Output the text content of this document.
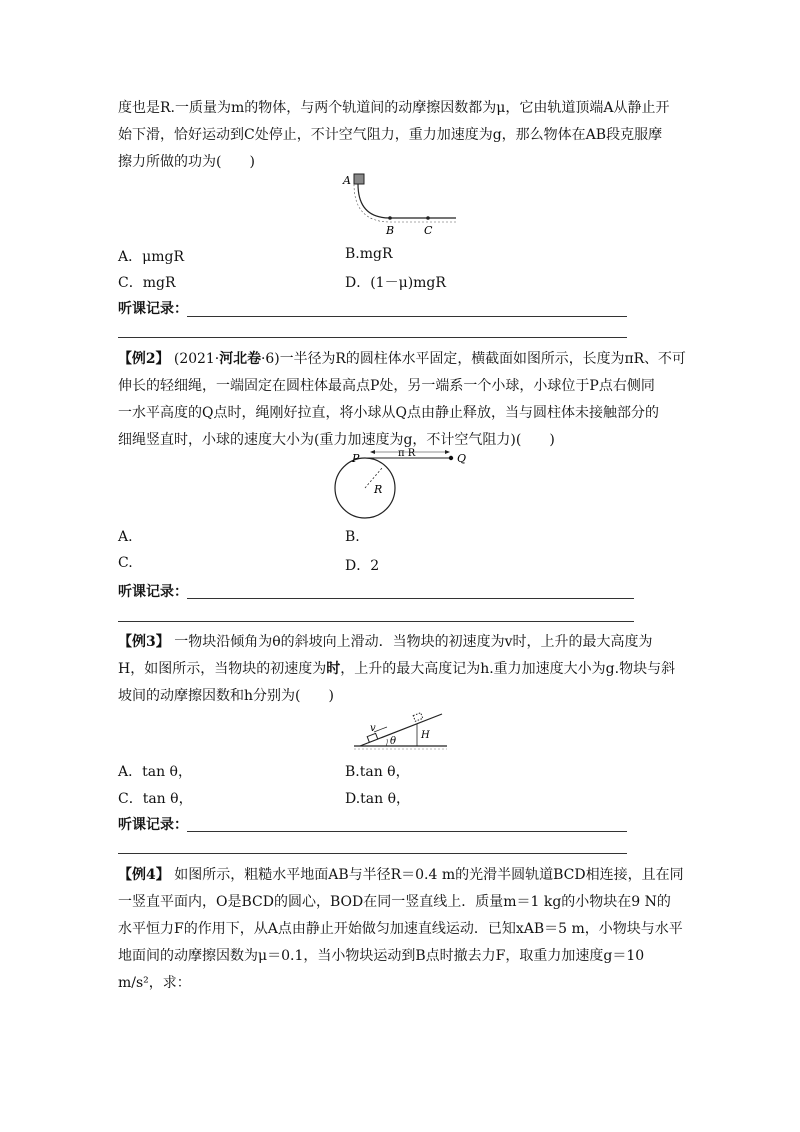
度也是R.一质量为m的物体，与两个轨道间的动摩擦因数都为μ，它由轨道顶端A从静止开
始下滑，恰好运动到C处停止，不计空气阻力，重力加速度为g，那么物体在AB段克服摩
擦力所做的功为(　　)
A
B	C
A．μmgR	B.mgR
C．mgR	D．(1－μ)mgR
听课记录：
【例2】 (2021·河北卷·6)一半径为R的圆柱体水平固定，横截面如图所示，长度为πR、不可
伸长的轻细绳，一端固定在圆柱体最高点P处，另一端系一个小球，小球位于P点右侧同
一水平高度的Q点时，绳刚好拉直，将小球从Q点由静止释放，当与圆柱体未接触部分的
细绳竖直时，小球的速度大小为(重力加速度为g，不计空气阻力)(　　)
P	Q
R
π R
A.	B.
C.	D．2
听课记录：
【例3】 一物块沿倾角为θ的斜坡向上滑动．当物块的初速度为v时，上升的最大高度为
H，如图所示，当物块的初速度为时，上升的最大高度记为h.重力加速度大小为g.物块与斜
坡间的动摩擦因数和h分别为(　　)
v
θ
H
A．tan θ，	B.tan θ，
C．tan θ，	D.tan θ，
听课记录：
【例4】 如图所示，粗糙水平地面AB与半径R＝0.4 m的光滑半圆轨道BCD相连接，且在同
一竖直平面内，O是BCD的圆心，BOD在同一竖直线上．质量m＝1 kg的小物块在9 N的
水平恒力F的作用下，从A点由静止开始做匀加速直线运动．已知xAB＝5 m，小物块与水平
地面间的动摩擦因数为μ＝0.1，当小物块运动到B点时撤去力F，取重力加速度g＝10
m/s²，求：
